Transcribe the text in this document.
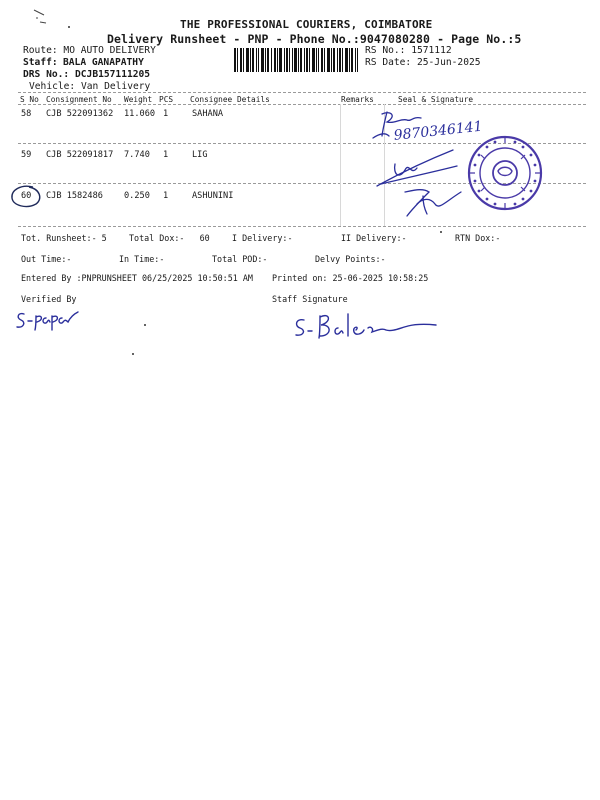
THE PROFESSIONAL COURIERS, COIMBATORE
Delivery Runsheet - PNP - Phone No.:9047080280 - Page No.:5
Route: MO AUTO DELIVERY
Staff: BALA GANAPATHY
DRS No.: DCJB157111205
Vehicle: Van Delivery
RS No.: 1571112
RS Date: 25-Jun-2025
S No Consignment No Weight PCS Consignee Details	Remarks	Seal & Signature
58 CJB 522091362 11.060 1	SAHANA
59 CJB 522091817 7.740 1	LIG
60 CJB 1582486 0.250 1	ASHUNINI
Tot. Runsheet:- 5	Total Dox:-   60	I Delivery:-	II Delivery:-	RTN Dox:-
Out Time:-	In Time:-	Total POD:-	Delvy Points:-
Entered By :PNPRUNSHEET 06/25/2025 10:50:51 AM Printed on: 25-06-2025 10:58:25
Verified By	Staff Signature
9870346141
